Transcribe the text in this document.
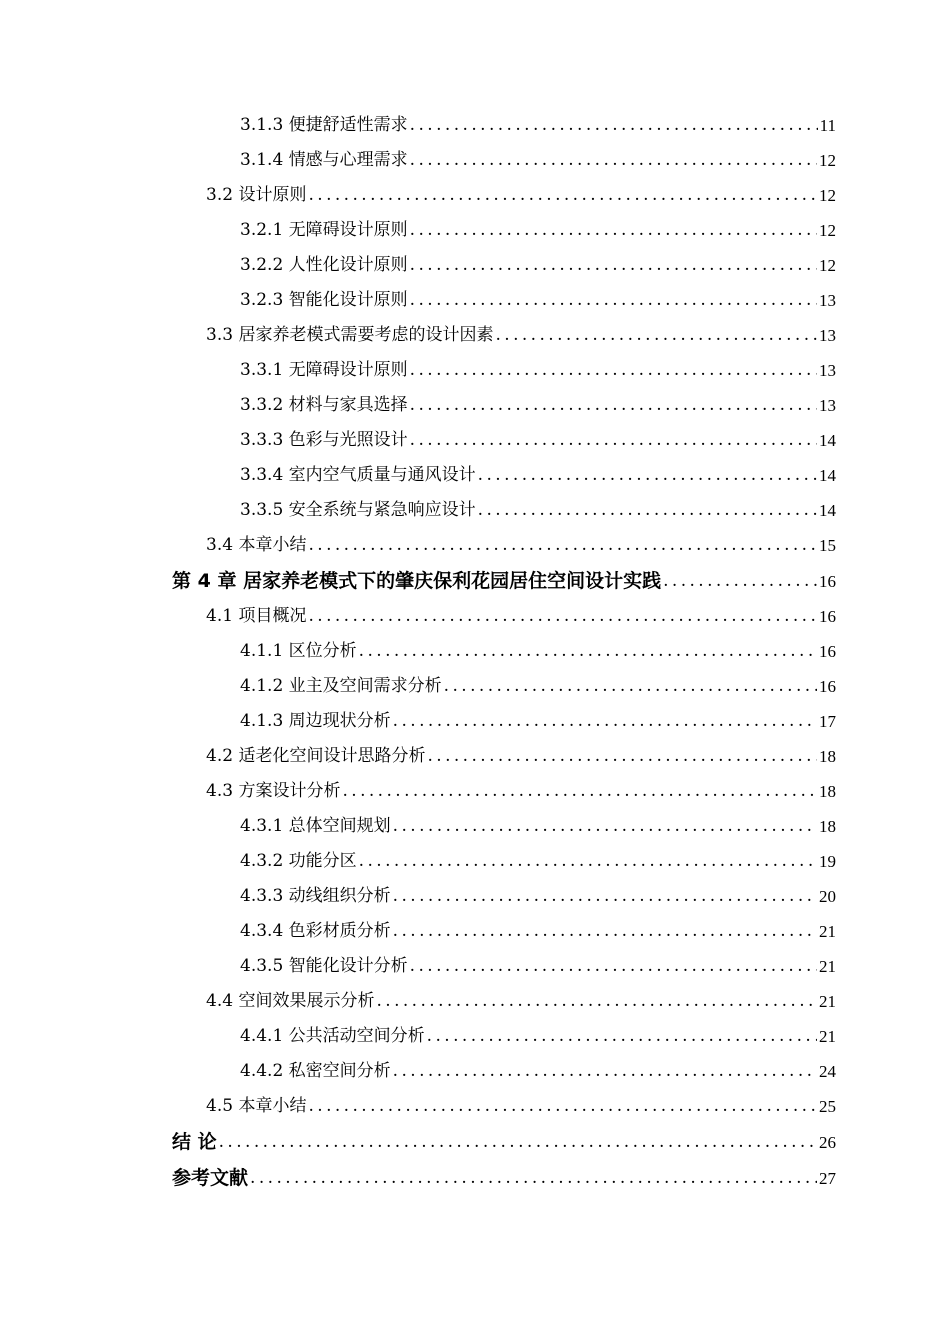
3.1.3 便捷舒适性需求 . . .	11
3.1.4 情感与心理需求 . . .	12
3.2 设计原则 . . .	12
3.2.1 无障碍设计原则 . . .	12
3.2.2 人性化设计原则 . . .	12
3.2.3 智能化设计原则 . . .	13
3.3 居家养老模式需要考虑的设计因素 . . .	13
3.3.1 无障碍设计原则 . . .	13
3.3.2 材料与家具选择 . . .	13
3.3.3 色彩与光照设计 . . .	14
3.3.4 室内空气质量与通风设计 . . .	14
3.3.5 安全系统与紧急响应设计 . . .	14
3.4 本章小结 . . .	15
第 4 章 居家养老模式下的肇庆保利花园居住空间设计实践 . . .	16
4.1 项目概况 . . .	16
4.1.1 区位分析 . . .	16
4.1.2 业主及空间需求分析 . . .	16
4.1.3 周边现状分析 . . .	17
4.2 适老化空间设计思路分析 . . .	18
4.3 方案设计分析 . . .	18
4.3.1 总体空间规划 . . .	18
4.3.2 功能分区 . . .	19
4.3.3 动线组织分析 . . .	20
4.3.4 色彩材质分析 . . .	21
4.3.5 智能化设计分析 . . .	21
4.4 空间效果展示分析 . . .	21
4.4.1 公共活动空间分析 . . .	21
4.4.2 私密空间分析 . . .	24
4.5 本章小结 . . .	25
结 论 . . .	26
参考文献 . . .	27
